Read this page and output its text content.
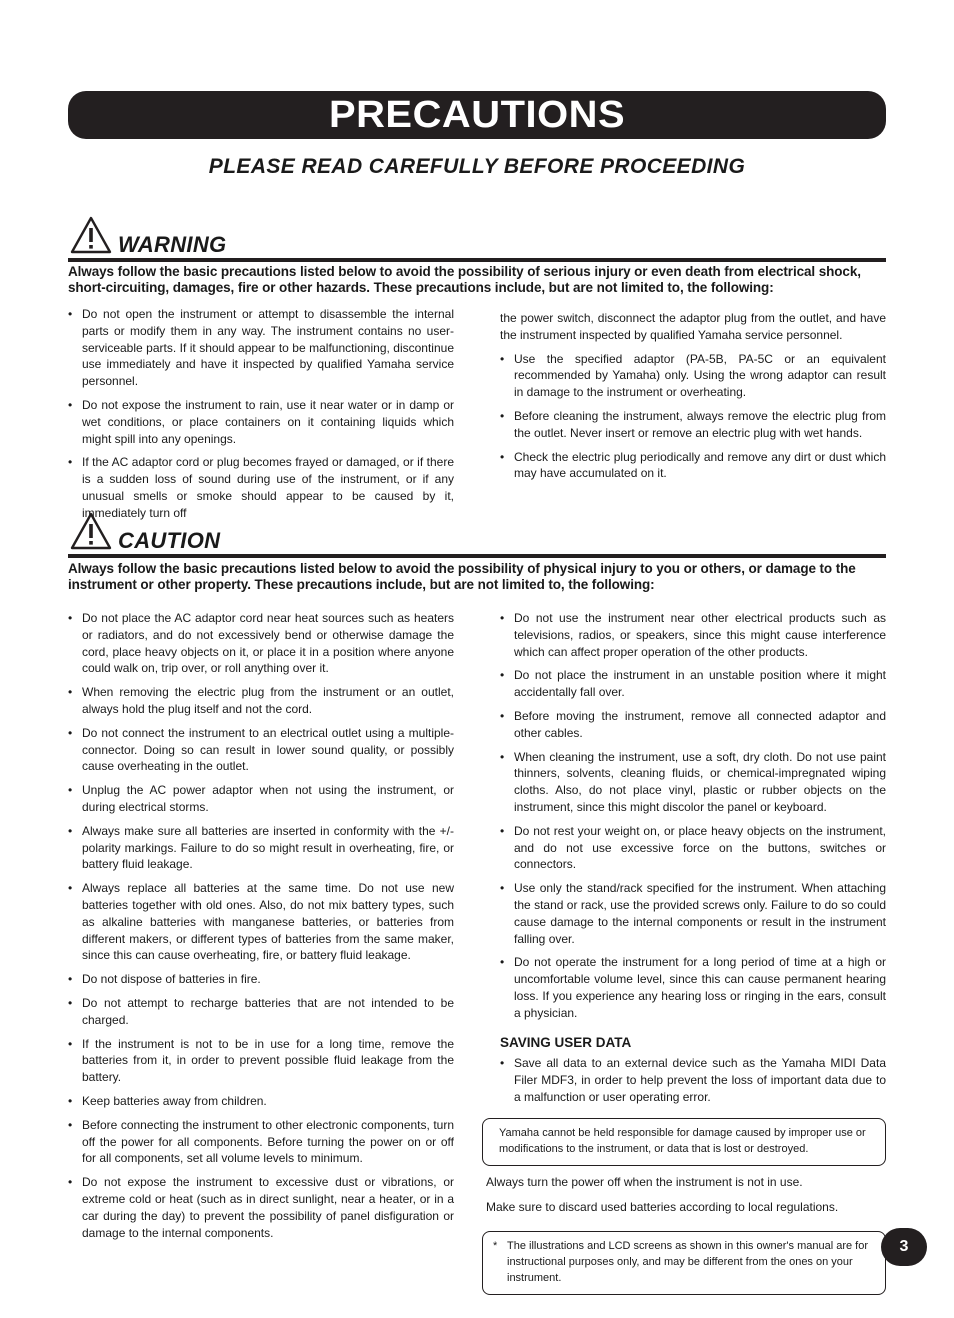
PRECAUTIONS

PLEASE READ CAREFULLY BEFORE PROCEEDING

WARNING

Always follow the basic precautions listed below to avoid the possibility of serious injury or even death from electrical shock, short-circuiting, damages, fire or other hazards. These precautions include, but are not limited to, the following:

• Do not open the instrument or attempt to disassemble the internal parts or modify them in any way. The instrument contains no user-serviceable parts. If it should appear to be malfunctioning, discontinue use immediately and have it inspected by qualified Yamaha service personnel.
• Do not expose the instrument to rain, use it near water or in damp or wet conditions, or place containers on it containing liquids which might spill into any openings.
• If the AC adaptor cord or plug becomes frayed or damaged, or if there is a sudden loss of sound during use of the instrument, or if any unusual smells or smoke should appear to be caused by it, immediately turn off
the power switch, disconnect the adaptor plug from the outlet, and have the instrument inspected by qualified Yamaha service personnel.
• Use the specified adaptor (PA-5B, PA-5C or an equivalent recommended by Yamaha) only. Using the wrong adaptor can result in damage to the instrument or overheating.
• Before cleaning the instrument, always remove the electric plug from the outlet. Never insert or remove an electric plug with wet hands.
• Check the electric plug periodically and remove any dirt or dust which may have accumulated on it.
CAUTION

Always follow the basic precautions listed below to avoid the possibility of physical injury to you or others, or damage to the instrument or other property. These precautions include, but are not limited to, the following:

• Do not place the AC adaptor cord near heat sources such as heaters or radiators, and do not excessively bend or otherwise damage the cord, place heavy objects on it, or place it in a position where anyone could walk on, trip over, or roll anything over it.
• When removing the electric plug from the instrument or an outlet, always hold the plug itself and not the cord.
• Do not connect the instrument to an electrical outlet using a multiple-connector. Doing so can result in lower sound quality, or possibly cause overheating in the outlet.
• Unplug the AC power adaptor when not using the instrument, or during electrical storms.
• Always make sure all batteries are inserted in conformity with the +/- polarity markings. Failure to do so might result in overheating, fire, or battery fluid leakage.
• Always replace all batteries at the same time. Do not use new batteries together with old ones. Also, do not mix battery types, such as alkaline batteries with manganese batteries, or batteries from different makers, or different types of batteries from the same maker, since this can cause overheating, fire, or battery fluid leakage.
• Do not dispose of batteries in fire.
• Do not attempt to recharge batteries that are not intended to be charged.
• If the instrument is not to be in use for a long time, remove the batteries from it, in order to prevent possible fluid leakage from the battery.
• Keep batteries away from children.
• Before connecting the instrument to other electronic components, turn off the power for all components. Before turning the power on or off for all components, set all volume levels to minimum.
• Do not expose the instrument to excessive dust or vibrations, or extreme cold or heat (such as in direct sunlight, near a heater, or in a car during the day) to prevent the possibility of panel disfiguration or damage to the internal components.
• Do not use the instrument near other electrical products such as televisions, radios, or speakers, since this might cause interference which can affect proper operation of the other products.
• Do not place the instrument in an unstable position where it might accidentally fall over.
• Before moving the instrument, remove all connected adaptor and other cables.
• When cleaning the instrument, use a soft, dry cloth. Do not use paint thinners, solvents, cleaning fluids, or chemical-impregnated wiping cloths. Also, do not place vinyl, plastic or rubber objects on the instrument, since this might discolor the panel or keyboard.
• Do not rest your weight on, or place heavy objects on the instrument, and do not use excessive force on the buttons, switches or connectors.
• Use only the stand/rack specified for the instrument. When attaching the stand or rack, use the provided screws only. Failure to do so could cause damage to the internal components or result in the instrument falling over.
• Do not operate the instrument for a long period of time at a high or uncomfortable volume level, since this can cause permanent hearing loss. If you experience any hearing loss or ringing in the ears, consult a physician.
SAVING USER DATA
• Save all data to an external device such as the Yamaha MIDI Data Filer MDF3, in order to help prevent the loss of important data due to a malfunction or user operating error.
Yamaha cannot be held responsible for damage caused by improper use or modifications to the instrument, or data that is lost or destroyed.

Always turn the power off when the instrument is not in use.

Make sure to discard used batteries according to local regulations.

* The illustrations and LCD screens as shown in this owner's manual are for instructional purposes only, and may be different from the ones on your instrument.
3
